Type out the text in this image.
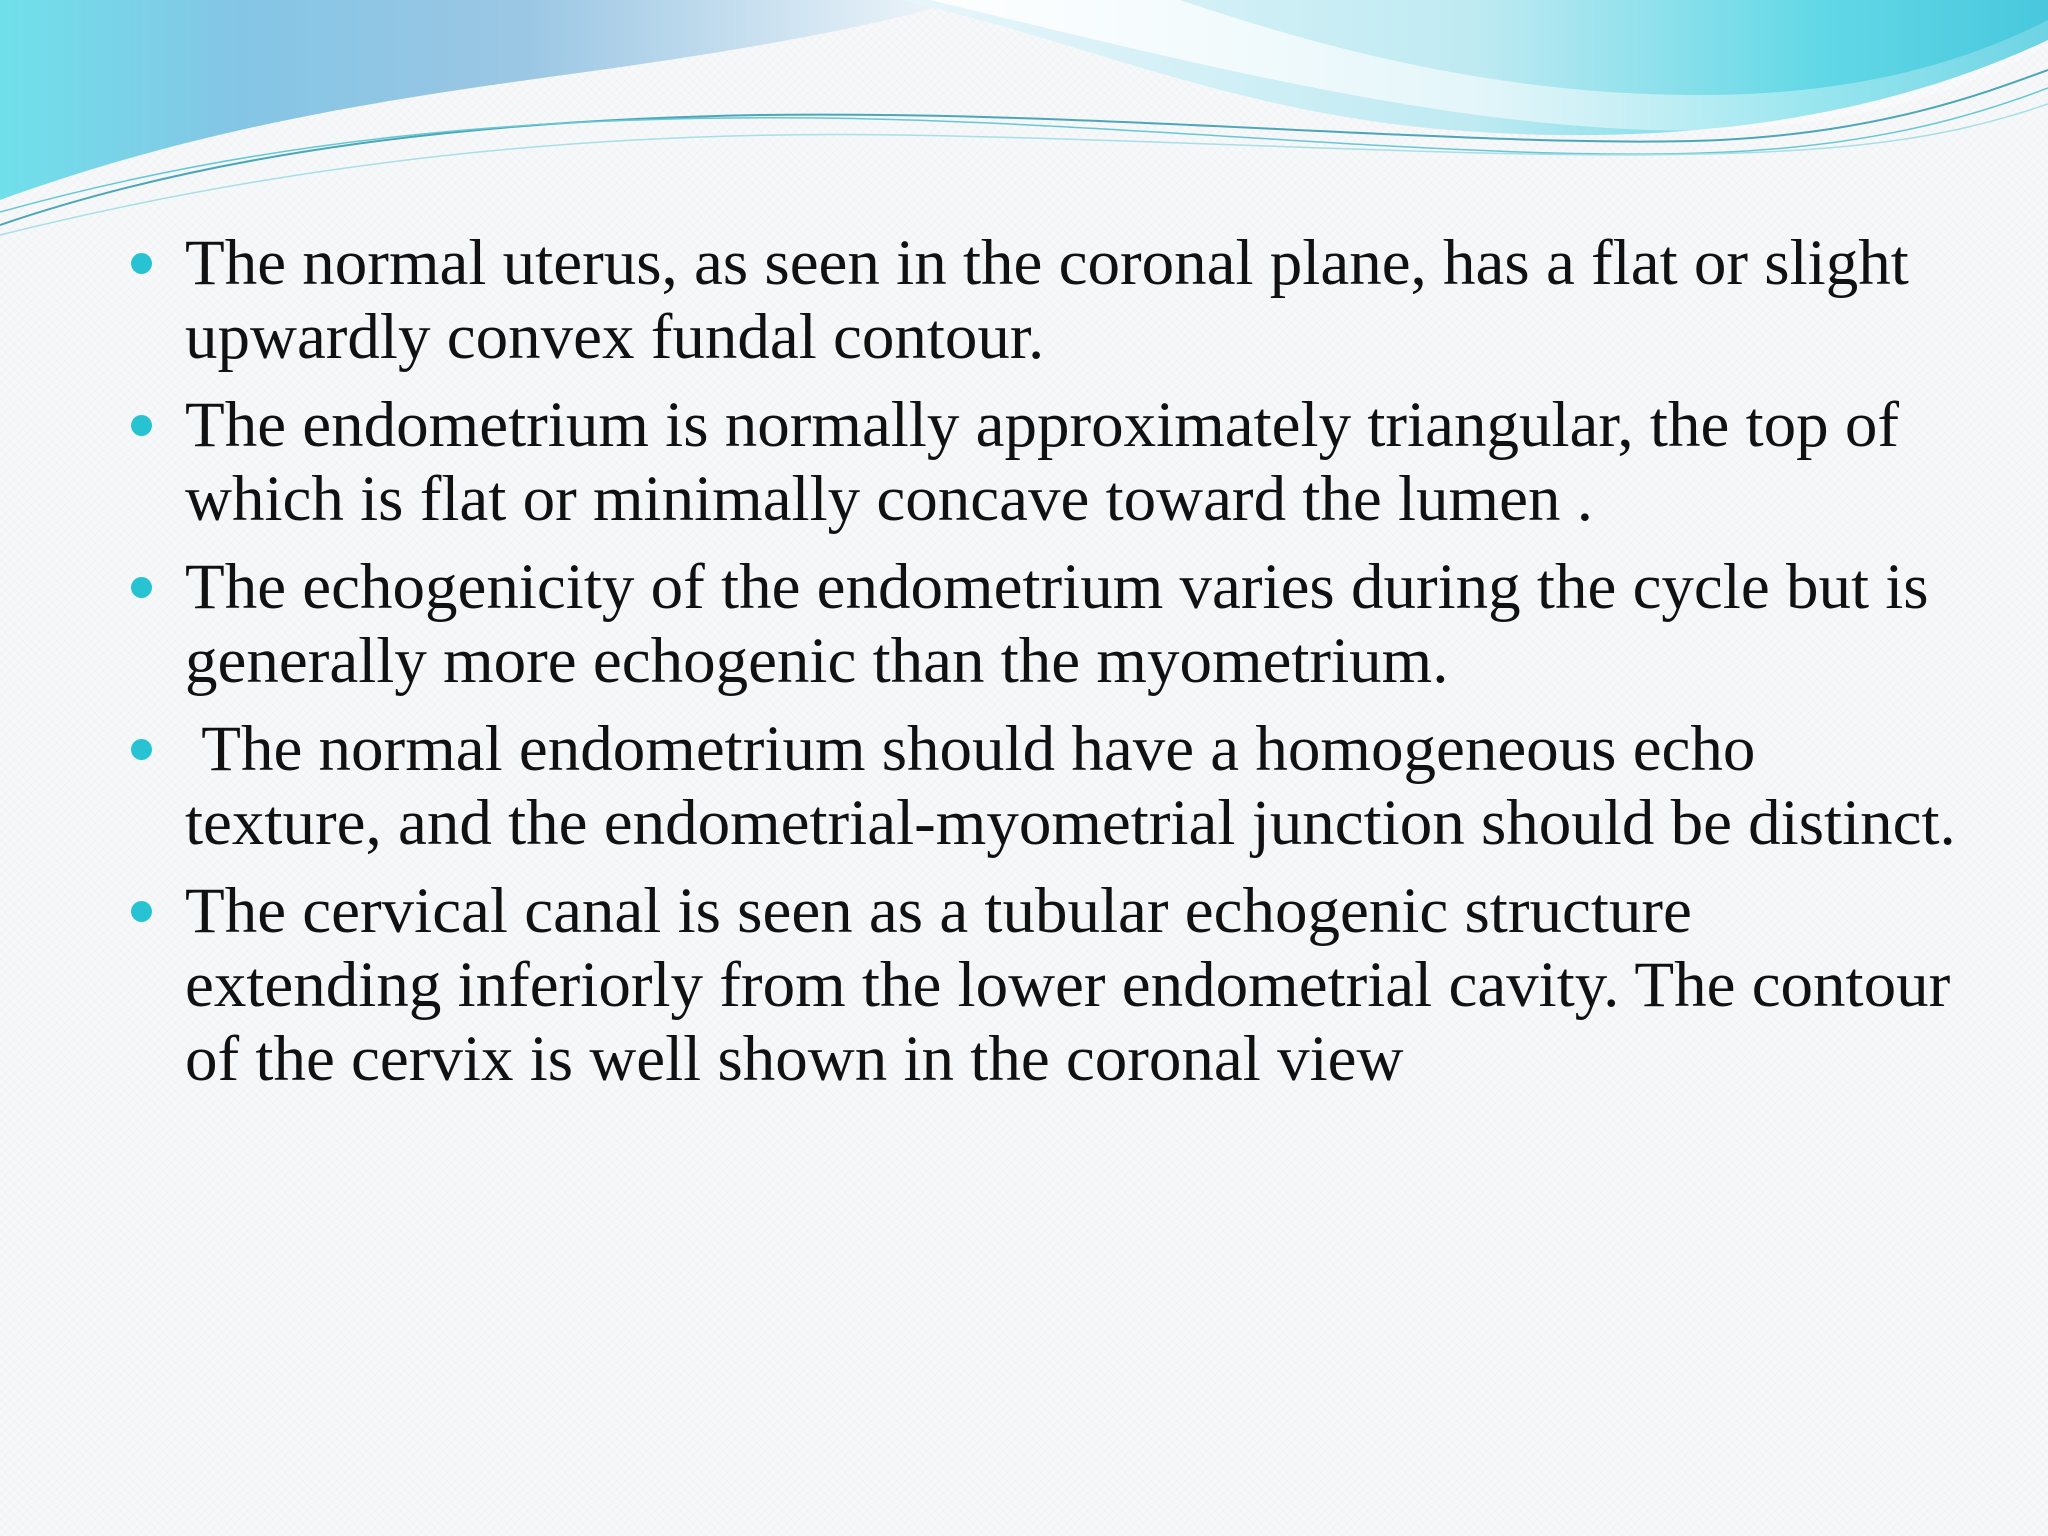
The normal uterus, as seen in the coronal plane, has a flat or slight upwardly convex fundal contour.
The endometrium is normally approximately triangular, the top of which is flat or minimally concave toward the lumen .
The echogenicity of the endometrium varies during the cycle but is generally more echogenic than the myometrium.
The normal endometrium should have a homogeneous echo texture, and the endometrial-myometrial junction should be distinct.
The cervical canal is seen as a tubular echogenic structure extending inferiorly from the lower endometrial cavity. The contour of the cervix is well shown in the coronal view
